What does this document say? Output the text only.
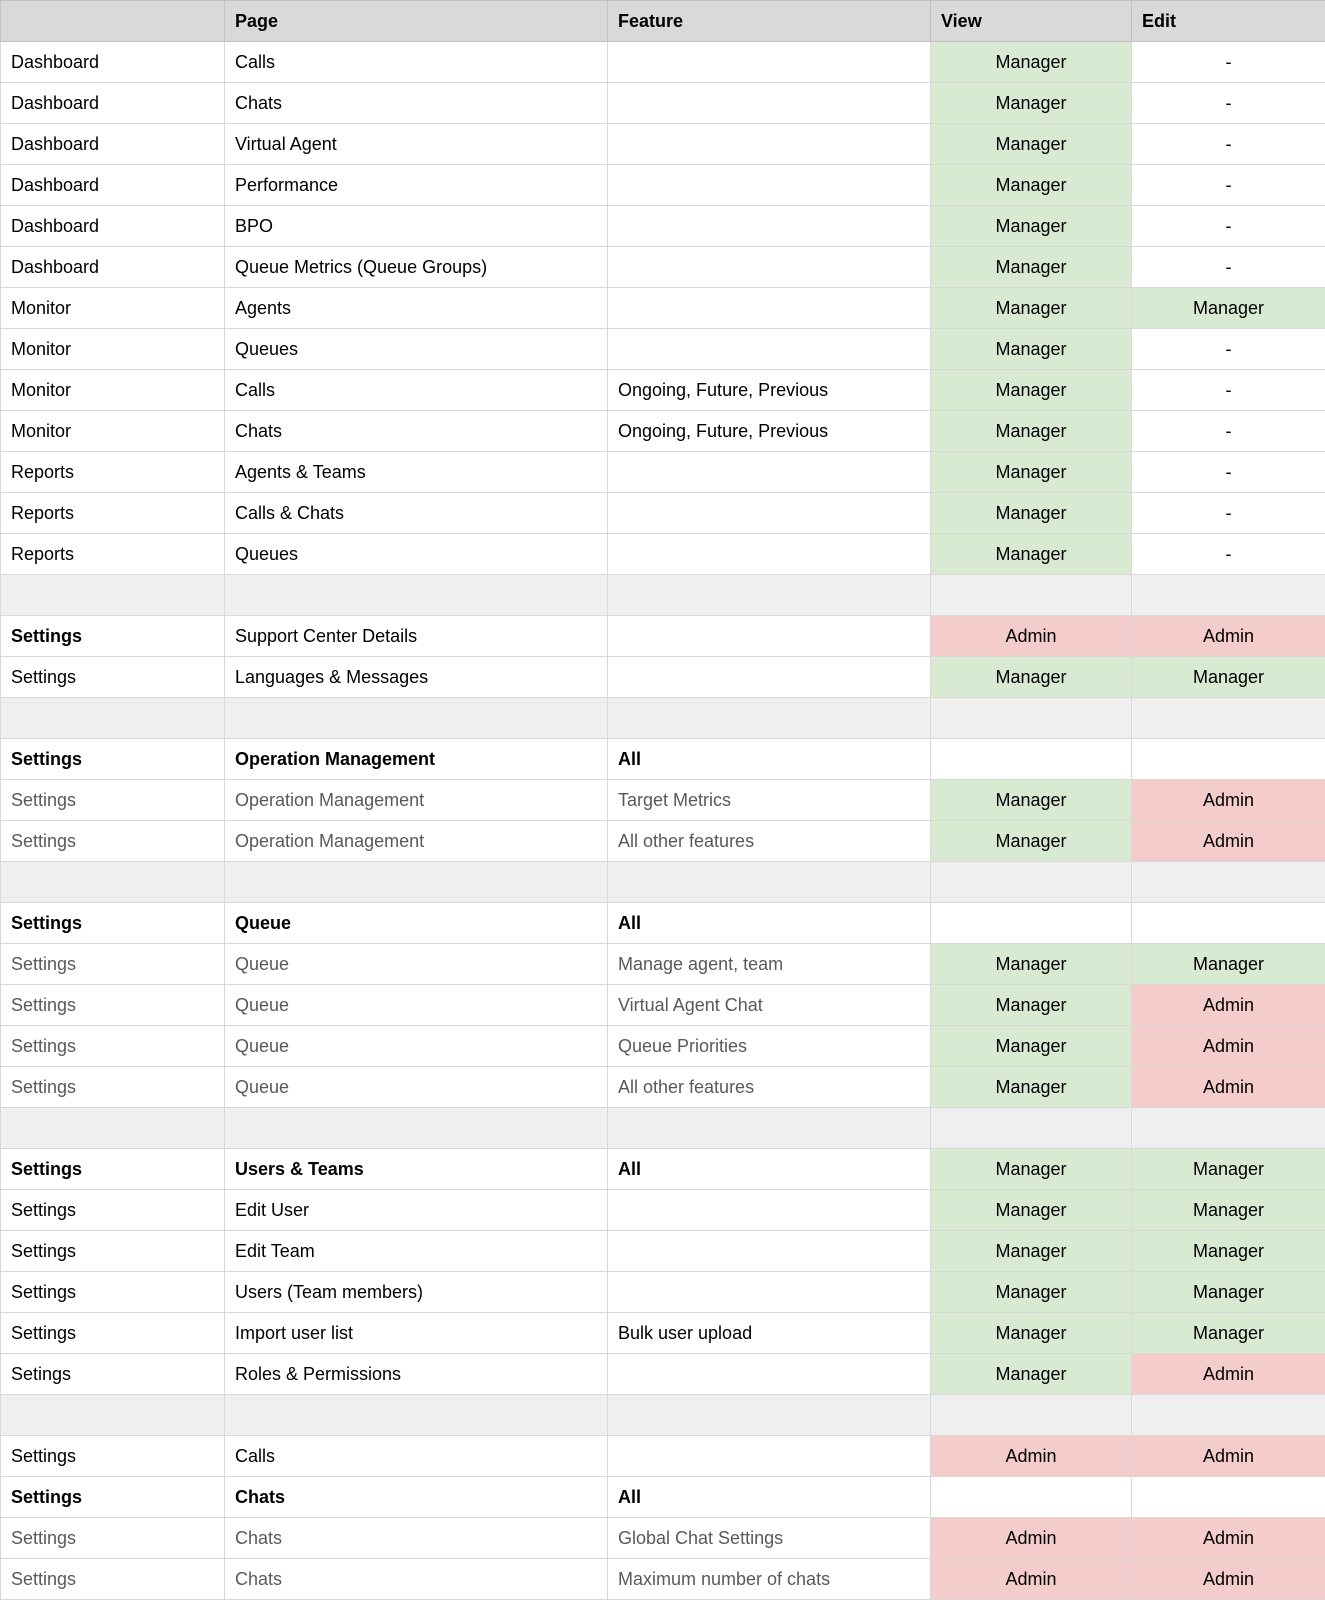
	Page	Feature	View	Edit
Dashboard	Calls		Manager	-
Dashboard	Chats		Manager	-
Dashboard	Virtual Agent		Manager	-
Dashboard	Performance		Manager	-
Dashboard	BPO		Manager	-
Dashboard	Queue Metrics (Queue Groups)		Manager	-
Monitor	Agents		Manager	Manager
Monitor	Queues		Manager	-
Monitor	Calls	Ongoing, Future, Previous	Manager	-
Monitor	Chats	Ongoing, Future, Previous	Manager	-
Reports	Agents & Teams		Manager	-
Reports	Calls & Chats		Manager	-
Reports	Queues		Manager	-

Settings	Support Center Details		Admin	Admin
Settings	Languages & Messages		Manager	Manager

Settings	Operation Management	All		
Settings	Operation Management	Target Metrics	Manager	Admin
Settings	Operation Management	All other features	Manager	Admin

Settings	Queue	All		
Settings	Queue	Manage agent, team	Manager	Manager
Settings	Queue	Virtual Agent Chat	Manager	Admin
Settings	Queue	Queue Priorities	Manager	Admin
Settings	Queue	All other features	Manager	Admin

Settings	Users & Teams	All	Manager	Manager
Settings	Edit User		Manager	Manager
Settings	Edit Team		Manager	Manager
Settings	Users (Team members)		Manager	Manager
Settings	Import user list	Bulk user upload	Manager	Manager
Setings	Roles & Permissions		Manager	Admin

Settings	Calls		Admin	Admin
Settings	Chats	All		
Settings	Chats	Global Chat Settings	Admin	Admin
Settings	Chats	Maximum number of chats	Admin	Admin
